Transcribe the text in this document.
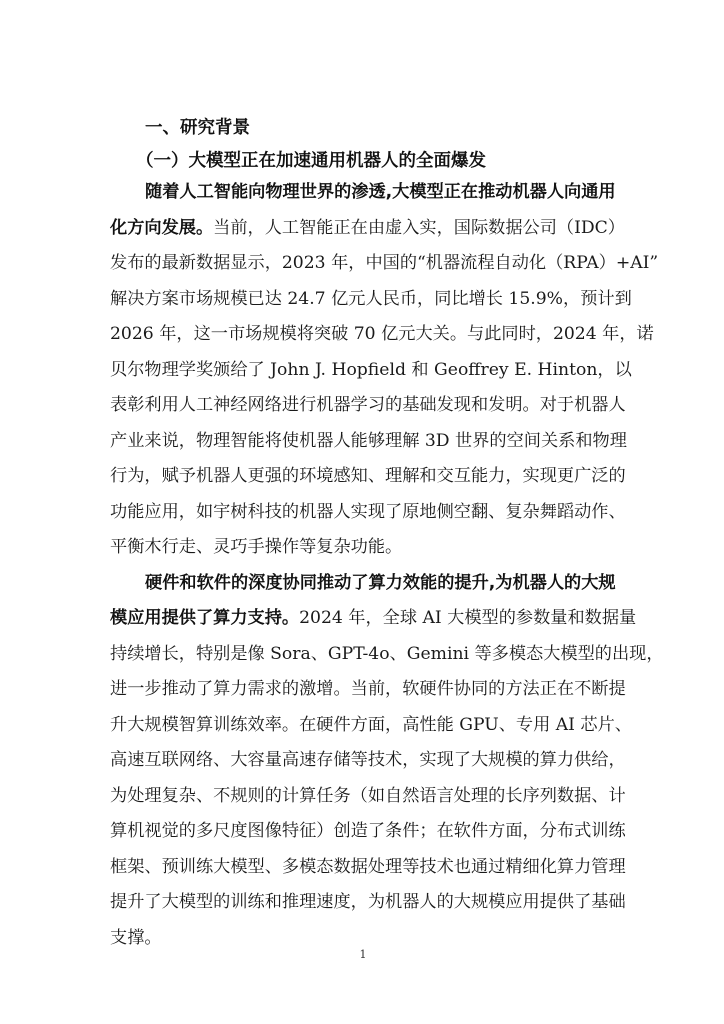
一、研究背景
（一）大模型正在加速通用机器人的全面爆发
随着人工智能向物理世界的渗透,大模型正在推动机器人向通用
化方向发展。当前，人工智能正在由虚入实，国际数据公司（IDC）
发布的最新数据显示，2023 年，中国的“机器流程自动化（RPA）+AI”
解决方案市场规模已达 24.7 亿元人民币，同比增长 15.9%，预计到
2026 年，这一市场规模将突破 70 亿元大关。与此同时，2024 年，诺
贝尔物理学奖颁给了 John J. Hopfield 和 Geoffrey E. Hinton，以
表彰利用人工神经网络进行机器学习的基础发现和发明。对于机器人
产业来说，物理智能将使机器人能够理解 3D 世界的空间关系和物理
行为，赋予机器人更强的环境感知、理解和交互能力，实现更广泛的
功能应用，如宇树科技的机器人实现了原地侧空翻、复杂舞蹈动作、
平衡木行走、灵巧手操作等复杂功能。
硬件和软件的深度协同推动了算力效能的提升,为机器人的大规
模应用提供了算力支持。2024 年，全球 AI 大模型的参数量和数据量
持续增长，特别是像 Sora、GPT-4o、Gemini 等多模态大模型的出现，
进一步推动了算力需求的激增。当前，软硬件协同的方法正在不断提
升大规模智算训练效率。在硬件方面，高性能 GPU、专用 AI 芯片、
高速互联网络、大容量高速存储等技术，实现了大规模的算力供给，
为处理复杂、不规则的计算任务（如自然语言处理的长序列数据、计
算机视觉的多尺度图像特征）创造了条件；在软件方面，分布式训练
框架、预训练大模型、多模态数据处理等技术也通过精细化算力管理
提升了大模型的训练和推理速度，为机器人的大规模应用提供了基础
支撑。
1
